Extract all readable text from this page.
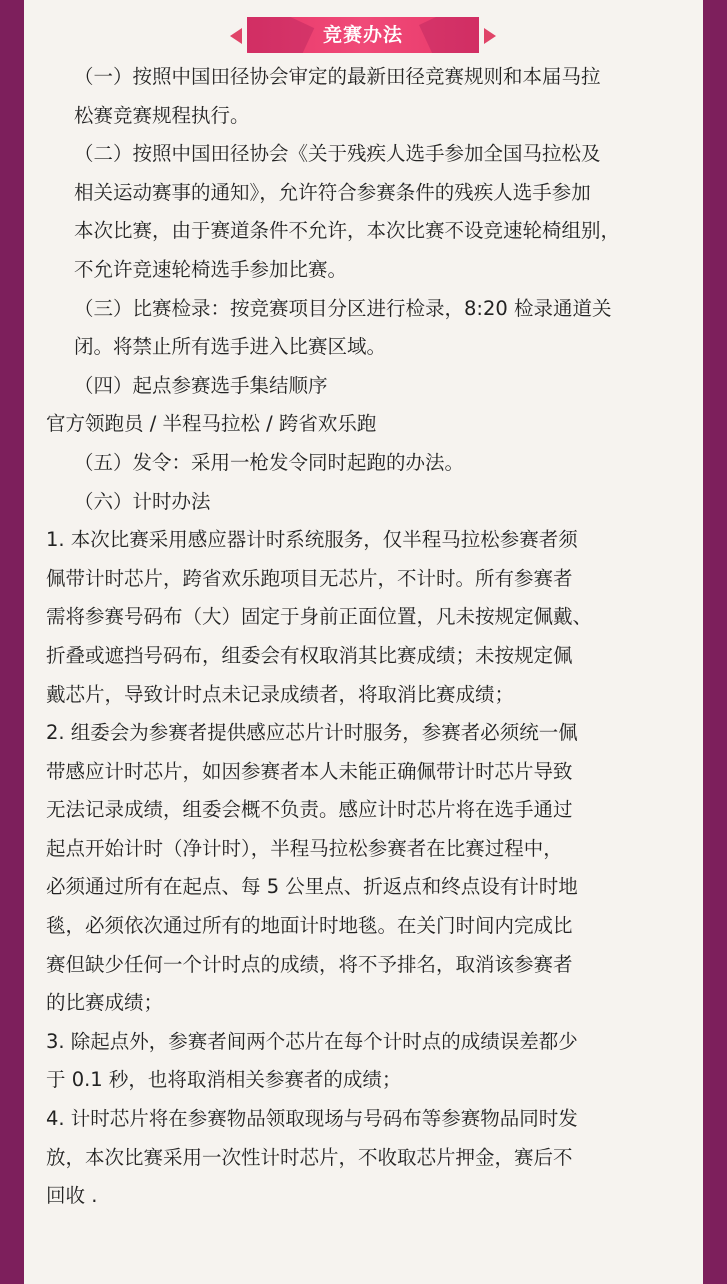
竞赛办法

（一）按照中国田径协会审定的最新田径竞赛规则和本届马拉

松赛竞赛规程执行。

（二）按照中国田径协会《关于残疾人选手参加全国马拉松及

相关运动赛事的通知》，允许符合参赛条件的残疾人选手参加

本次比赛，由于赛道条件不允许，本次比赛不设竞速轮椅组别，

不允许竞速轮椅选手参加比赛。

（三）比赛检录：按竞赛项目分区进行检录，8:20 检录通道关

闭。将禁止所有选手进入比赛区域。

（四）起点参赛选手集结顺序

官方领跑员 / 半程马拉松 / 跨省欢乐跑

（五）发令：采用一枪发令同时起跑的办法。

（六）计时办法

1. 本次比赛采用感应器计时系统服务，仅半程马拉松参赛者须

佩带计时芯片，跨省欢乐跑项目无芯片，不计时。所有参赛者

需将参赛号码布（大）固定于身前正面位置，凡未按规定佩戴、

折叠或遮挡号码布，组委会有权取消其比赛成绩；未按规定佩

戴芯片，导致计时点未记录成绩者，将取消比赛成绩；

2. 组委会为参赛者提供感应芯片计时服务，参赛者必须统一佩

带感应计时芯片，如因参赛者本人未能正确佩带计时芯片导致

无法记录成绩，组委会概不负责。感应计时芯片将在选手通过

起点开始计时（净计时），半程马拉松参赛者在比赛过程中，

必须通过所有在起点、每 5 公里点、折返点和终点设有计时地

毯，必须依次通过所有的地面计时地毯。在关门时间内完成比

赛但缺少任何一个计时点的成绩，将不予排名，取消该参赛者

的比赛成绩；

3. 除起点外，参赛者间两个芯片在每个计时点的成绩误差都少

于 0.1 秒，也将取消相关参赛者的成绩；

4. 计时芯片将在参赛物品领取现场与号码布等参赛物品同时发

放，本次比赛采用一次性计时芯片，不收取芯片押金，赛后不

回收 .
